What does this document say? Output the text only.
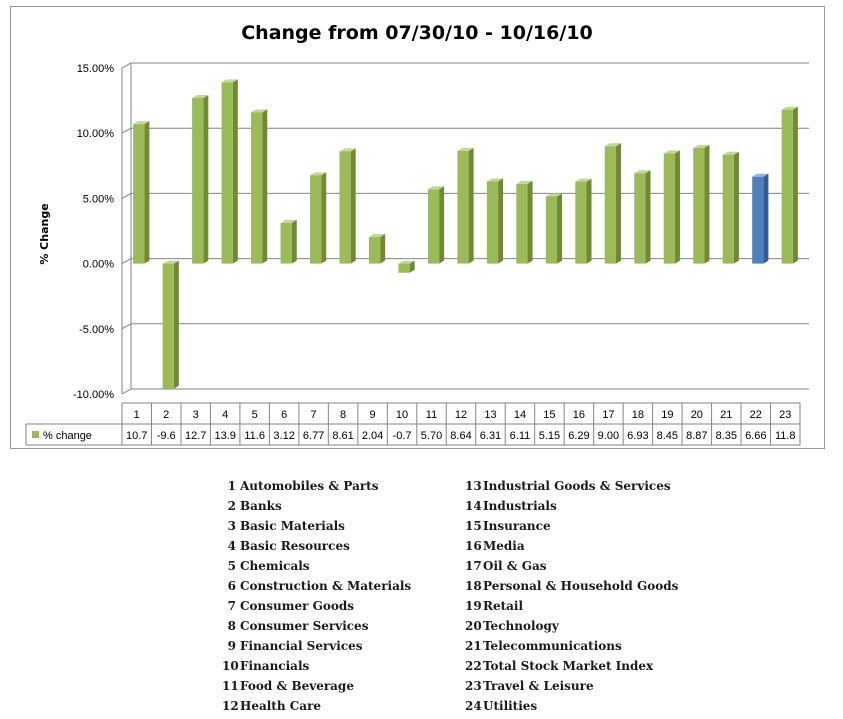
Change from 07/30/10 - 10/16/10
% Change
15.00%
10.00%
5.00%
0.00%
-5.00%
-10.00%
1 2 3 4 5 6 7 8 9 10 11 12 13 14 15 16 17 18 19 20 21 22 23
% change	10.7 -9.6 12.7 13.9 11.6 3.12 6.77 8.61 2.04 -0.7 5.70 8.64 6.31 6.11 5.15 6.29 9.00 6.93 8.45 8.87 8.35 6.66 11.8
1 Automobiles & Parts
2 Banks
3 Basic Materials
4 Basic Resources
5 Chemicals
6 Construction & Materials
7 Consumer Goods
8 Consumer Services
9 Financial Services
10Financials
11Food & Beverage
12Health Care
13Industrial Goods & Services
14Industrials
15Insurance
16Media
17Oil & Gas
18Personal & Household Goods
19Retail
20Technology
21Telecommunications
22Total Stock Market Index
23Travel & Leisure
24Utilities
